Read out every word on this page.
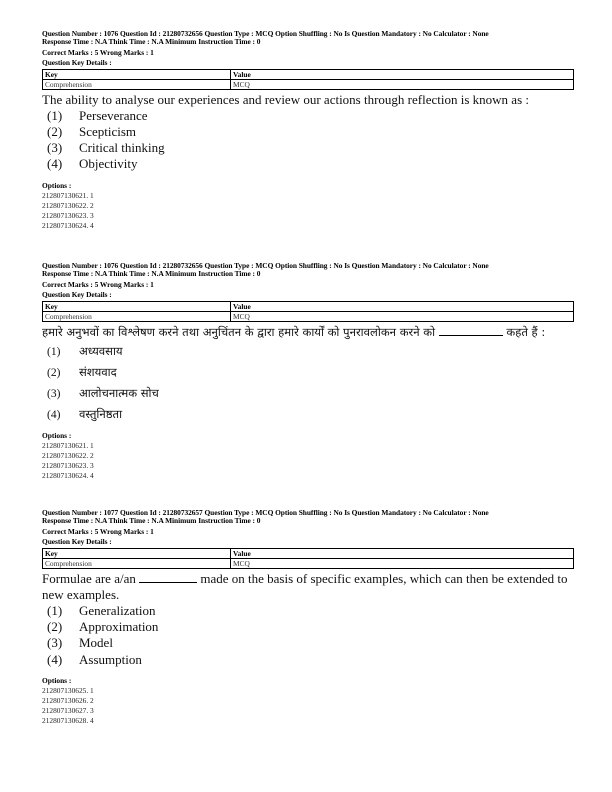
Question Number : 1076 Question Id : 21280732656 Question Type : MCQ Option Shuffling : No Is Question Mandatory : No Calculator : None
Response Time : N.A Think Time : N.A Minimum Instruction Time : 0
Correct Marks : 5 Wrong Marks : 1
Question Key Details :
Key	Value
Comprehension	MCQ
The ability to analyse our experiences and review our actions through reflection is known as :
(1)	Perseverance
(2)	Scepticism
(3)	Critical thinking
(4)	Objectivity
Options :
212807130621. 1
212807130622. 2
212807130623. 3
212807130624. 4
Question Number : 1076 Question Id : 21280732656 Question Type : MCQ Option Shuffling : No Is Question Mandatory : No Calculator : None
Response Time : N.A Think Time : N.A Minimum Instruction Time : 0
Correct Marks : 5 Wrong Marks : 1
Question Key Details :
Key	Value
Comprehension	MCQ
हमारे अनुभवों का विश्लेषण करने तथा अनुचिंतन के द्वारा हमारे कार्यों को पुनरावलोकन करने को	कहते हैं :
(1)	अध्यवसाय
(2)	संशयवाद
(3)	आलोचनात्मक सोच
(4)	वस्तुनिष्ठता
Options :
212807130621. 1
212807130622. 2
212807130623. 3
212807130624. 4
Question Number : 1077 Question Id : 21280732657 Question Type : MCQ Option Shuffling : No Is Question Mandatory : No Calculator : None
Response Time : N.A Think Time : N.A Minimum Instruction Time : 0
Correct Marks : 5 Wrong Marks : 1
Question Key Details :
Key	Value
Comprehension	MCQ
Formulae are a/an	made on the basis of specific examples, which can then be extended to new examples.
(1)	Generalization
(2)	Approximation
(3)	Model
(4)	Assumption
Options :
212807130625. 1
212807130626. 2
212807130627. 3
212807130628. 4
